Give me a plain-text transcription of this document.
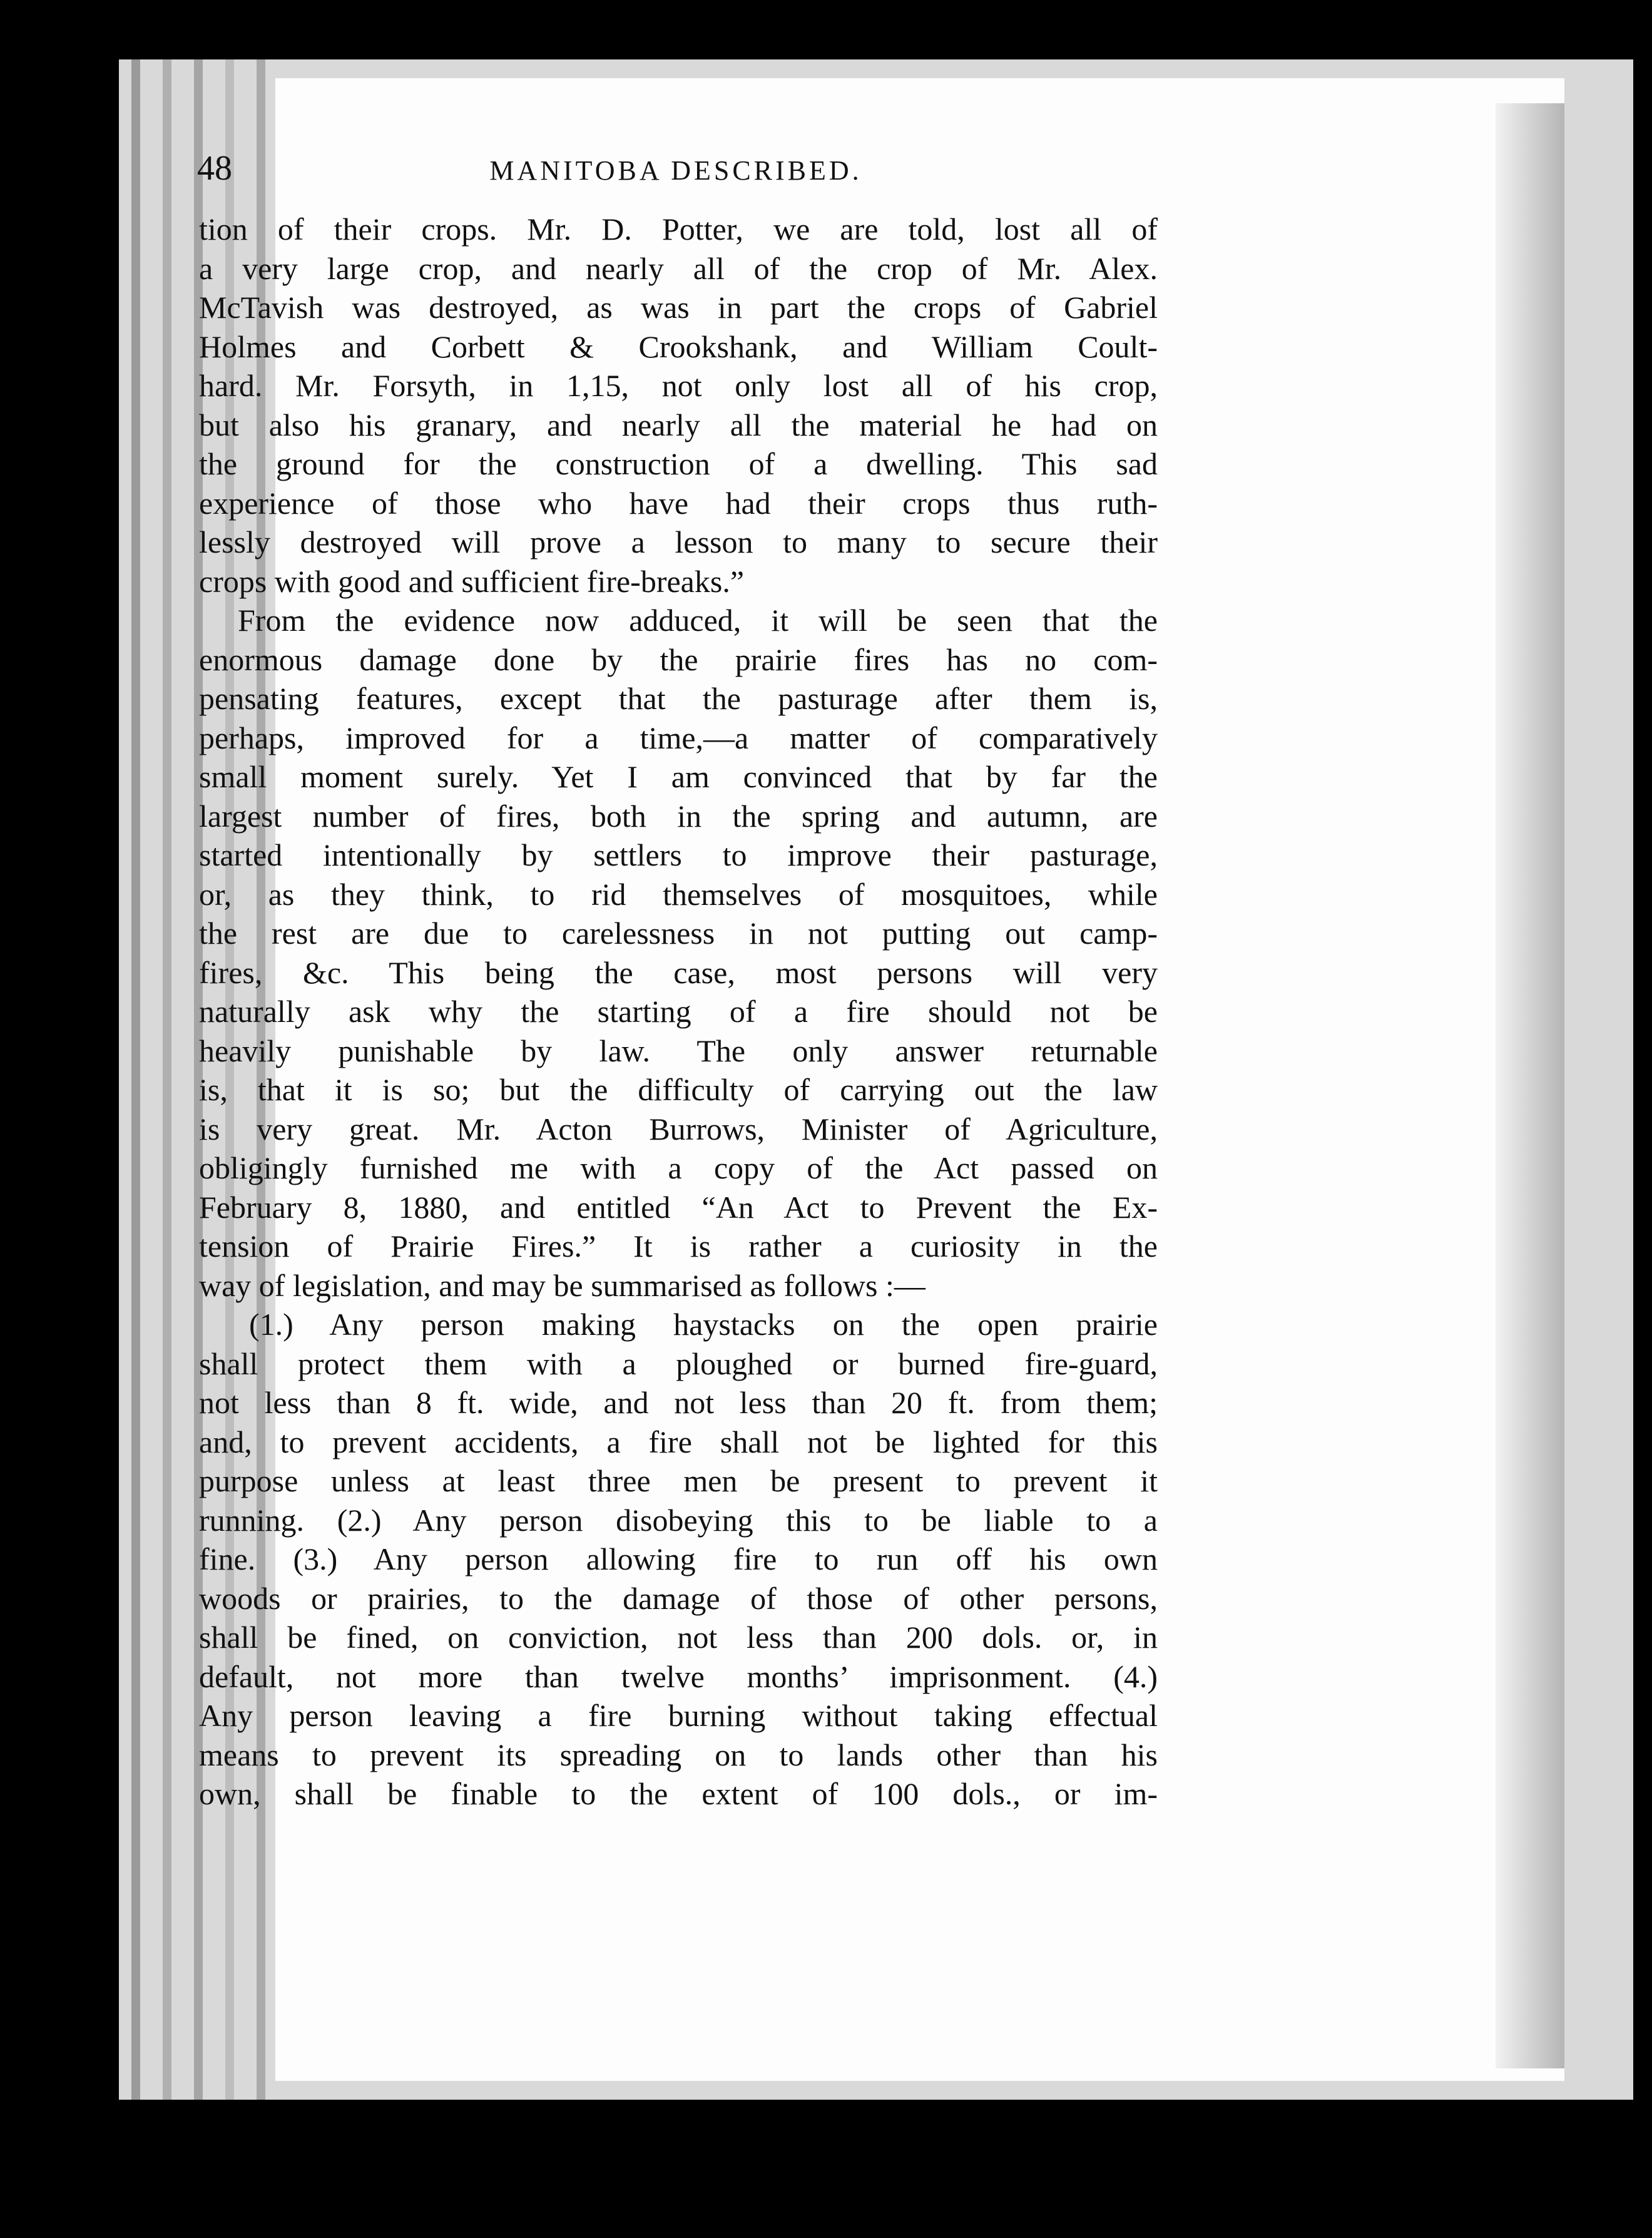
48	MANITOBA DESCRIBED.

tion of their crops. Mr. D. Potter, we are told, lost all of

a very large crop, and nearly all of the crop of Mr. Alex.

McTavish was destroyed, as was in part the crops of Gabriel

Holmes and Corbett & Crookshank, and William Coult-

hard. Mr. Forsyth, in 1,15, not only lost all of his crop,

but also his granary, and nearly all the material he had on

the ground for the construction of a dwelling. This sad

experience of those who have had their crops thus ruth-

lessly destroyed will prove a lesson to many to secure their

crops with good and sufficient fire-breaks.”

From the evidence now adduced, it will be seen that the

enormous damage done by the prairie fires has no com-

pensating features, except that the pasturage after them is,

perhaps, improved for a time,—a matter of comparatively

small moment surely. Yet I am convinced that by far the

largest number of fires, both in the spring and autumn, are

started intentionally by settlers to improve their pasturage,

or, as they think, to rid themselves of mosquitoes, while

the rest are due to carelessness in not putting out camp-

fires, &c. This being the case, most persons will very

naturally ask why the starting of a fire should not be

heavily punishable by law. The only answer returnable

is, that it is so; but the difficulty of carrying out the law

is very great. Mr. Acton Burrows, Minister of Agriculture,

obligingly furnished me with a copy of the Act passed on

February 8, 1880, and entitled “An Act to Prevent the Ex-

tension of Prairie Fires.” It is rather a curiosity in the

way of legislation, and may be summarised as follows :—

(1.) Any person making haystacks on the open prairie

shall protect them with a ploughed or burned fire-guard,

not less than 8 ft. wide, and not less than 20 ft. from them;

and, to prevent accidents, a fire shall not be lighted for this

purpose unless at least three men be present to prevent it

running. (2.) Any person disobeying this to be liable to a

fine. (3.) Any person allowing fire to run off his own

woods or prairies, to the damage of those of other persons,

shall be fined, on conviction, not less than 200 dols. or, in

default, not more than twelve months’ imprisonment. (4.)

Any person leaving a fire burning without taking effectual

means to prevent its spreading on to lands other than his

own, shall be finable to the extent of 100 dols., or im-
